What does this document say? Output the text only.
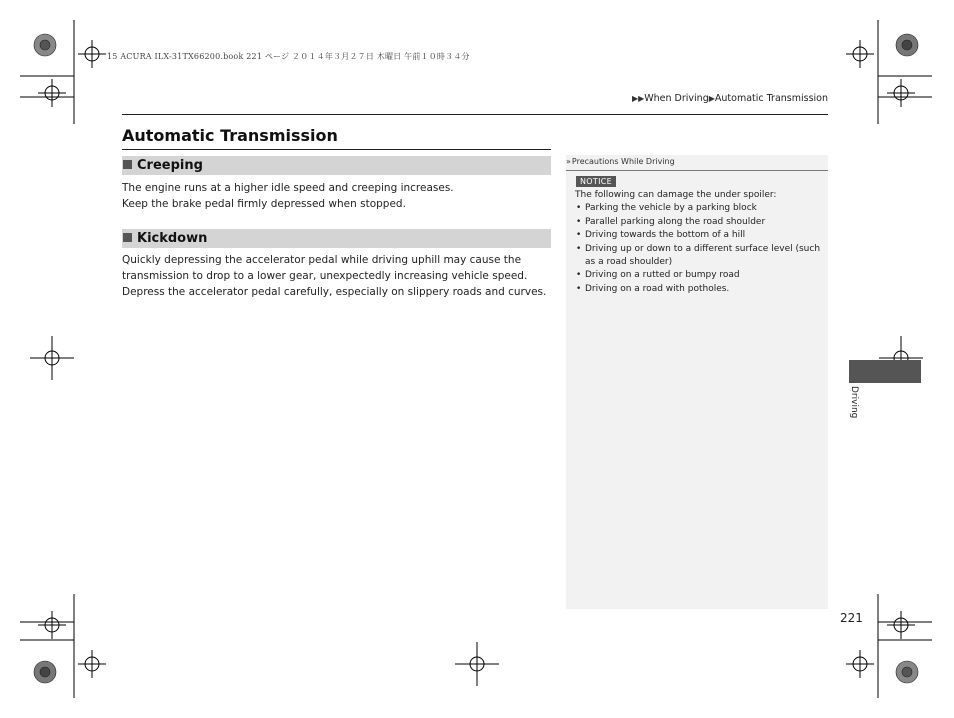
15 ACURA ILX-31TX66200.book 221 ページ ２０１４年３月２７日 木曜日 午前１０時３４分
▶▶When Driving▶Automatic Transmission
Automatic Transmission
Creeping
The engine runs at a higher idle speed and creeping increases.
Keep the brake pedal firmly depressed when stopped.
Kickdown
Quickly depressing the accelerator pedal while driving uphill may cause the transmission to drop to a lower gear, unexpectedly increasing vehicle speed. Depress the accelerator pedal carefully, especially on slippery roads and curves.
» Precautions While Driving
NOTICE
The following can damage the under spoiler:
• Parking the vehicle by a parking block
• Parallel parking along the road shoulder
• Driving towards the bottom of a hill
• Driving up or down to a different surface level (such as a road shoulder)
• Driving on a rutted or bumpy road
• Driving on a road with potholes.
Driving
221
